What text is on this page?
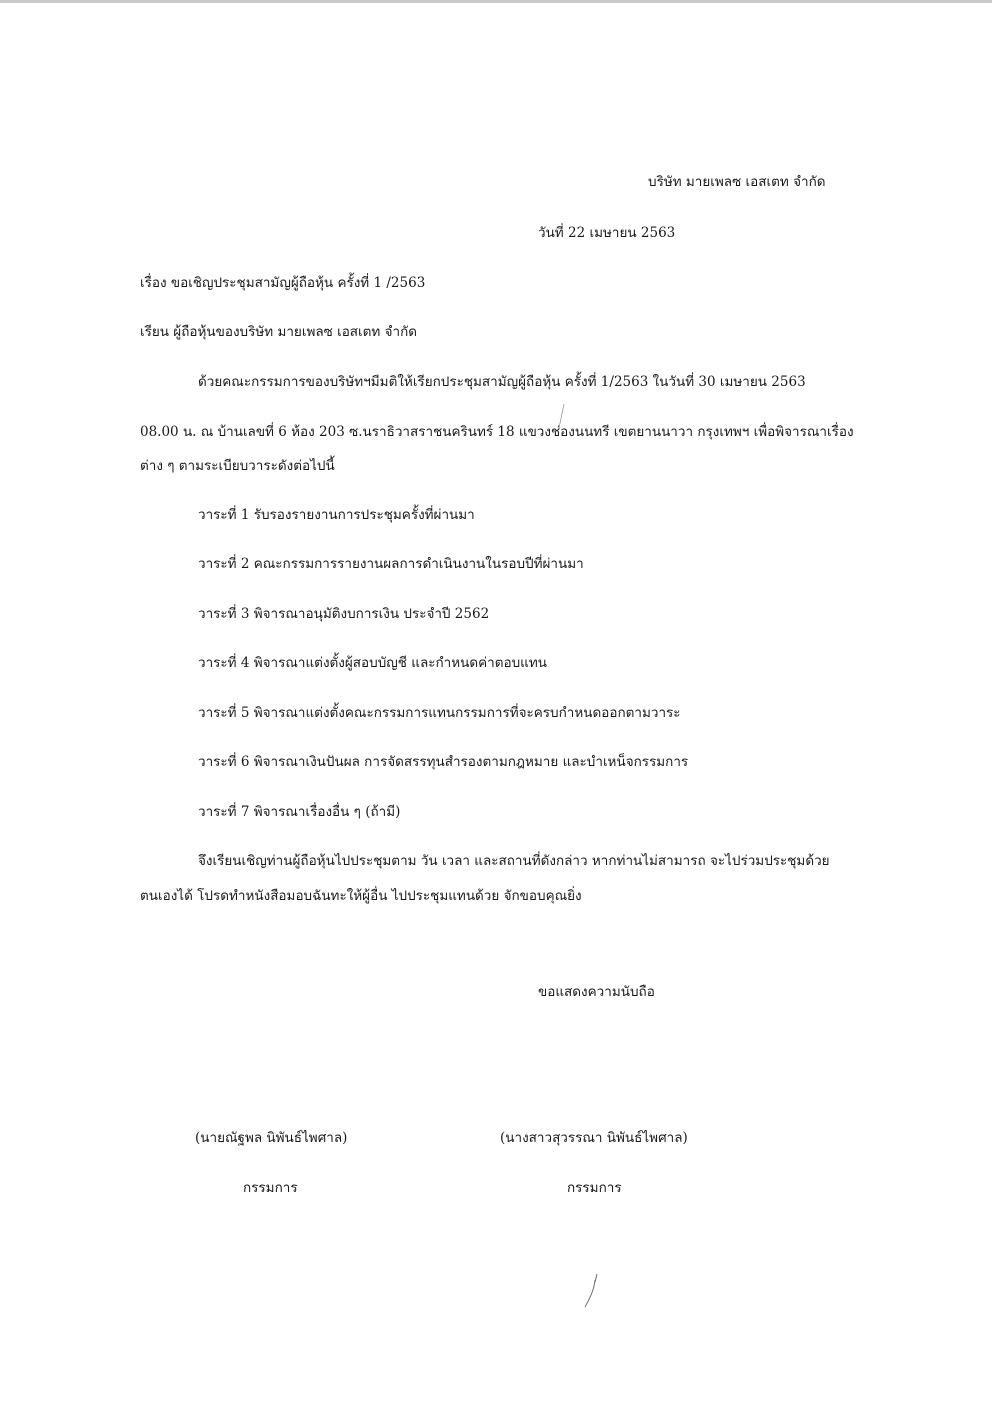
บริษัท มายเพลซ เอสเตท จำกัด
วันที่ 22 เมษายน 2563
เรื่อง ขอเชิญประชุมสามัญผู้ถือหุ้น ครั้งที่ 1 /2563
เรียน ผู้ถือหุ้นของบริษัท มายเพลซ เอสเตท จำกัด
ด้วยคณะกรรมการของบริษัทฯมีมติให้เรียกประชุมสามัญผู้ถือหุ้น ครั้งที่ 1/2563 ในวันที่ 30 เมษายน 2563
08.00 น. ณ บ้านเลขที่ 6 ห้อง 203 ซ.นราธิวาสราชนครินทร์ 18 แขวงช่องนนทรี เขตยานนาวา กรุงเทพฯ เพื่อพิจารณาเรื่อง
ต่าง ๆ ตามระเบียบวาระดังต่อไปนี้
วาระที่ 1 รับรองรายงานการประชุมครั้งที่ผ่านมา
วาระที่ 2 คณะกรรมการรายงานผลการดำเนินงานในรอบปีที่ผ่านมา
วาระที่ 3 พิจารณาอนุมัติงบการเงิน ประจำปี 2562
วาระที่ 4 พิจารณาแต่งตั้งผู้สอบบัญชี และกำหนดค่าตอบแทน
วาระที่ 5 พิจารณาแต่งตั้งคณะกรรมการแทนกรรมการที่จะครบกำหนดออกตามวาระ
วาระที่ 6 พิจารณาเงินปันผล การจัดสรรทุนสำรองตามกฎหมาย และบำเหน็จกรรมการ
วาระที่ 7 พิจารณาเรื่องอื่น ๆ (ถ้ามี)
จึงเรียนเชิญท่านผู้ถือหุ้นไปประชุมตาม วัน เวลา และสถานที่ดังกล่าว หากท่านไม่สามารถ จะไปร่วมประชุมด้วย
ตนเองได้ โปรดทำหนังสือมอบฉันทะให้ผู้อื่น ไปประชุมแทนด้วย จักขอบคุณยิ่ง
ขอแสดงความนับถือ
(นายณัฐพล นิพันธ์ไพศาล)
กรรมการ
(นางสาวสุวรรณา นิพันธ์ไพศาล)
กรรมการ
